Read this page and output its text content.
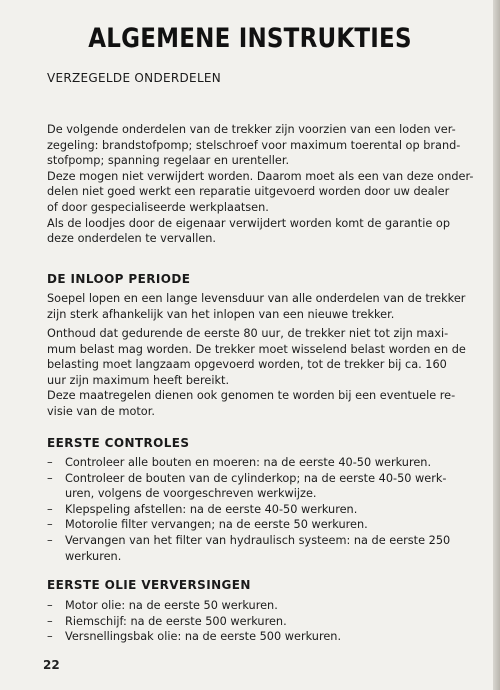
ALGEMENE INSTRUKTIES
VERZEGELDE ONDERDELEN
De volgende onderdelen van de trekker zijn voorzien van een loden ver-
zegeling: brandstofpomp; stelschroef voor maximum toerental op brand-
stofpomp; spanning regelaar en urenteller.
Deze mogen niet verwijdert worden. Daarom moet als een van deze onder-
delen niet goed werkt een reparatie uitgevoerd worden door uw dealer
of door gespecialiseerde werkplaatsen.
Als de loodjes door de eigenaar verwijdert worden komt de garantie op
deze onderdelen te vervallen.
DE INLOOP PERIODE
Soepel lopen en een lange levensduur van alle onderdelen van de trekker
zijn sterk afhankelijk van het inlopen van een nieuwe trekker.
Onthoud dat gedurende de eerste 80 uur, de trekker niet tot zijn maxi-
mum belast mag worden. De trekker moet wisselend belast worden en de
belasting moet langzaam opgevoerd worden, tot de trekker bij ca. 160
uur zijn maximum heeft bereikt.
Deze maatregelen dienen ook genomen te worden bij een eventuele re-
visie van de motor.
EERSTE CONTROLES
– Controleer alle bouten en moeren: na de eerste 40-50 werkuren.
– Controleer de bouten van de cylinderkop; na de eerste 40-50 werk-
uren, volgens de voorgeschreven werkwijze.
– Klepspeling afstellen: na de eerste 40-50 werkuren.
– Motorolie filter vervangen; na de eerste 50 werkuren.
– Vervangen van het filter van hydraulisch systeem: na de eerste 250
werkuren.
EERSTE OLIE VERVERSINGEN
– Motor olie: na de eerste 50 werkuren.
– Riemschijf: na de eerste 500 werkuren.
– Versnellingsbak olie: na de eerste 500 werkuren.
22
